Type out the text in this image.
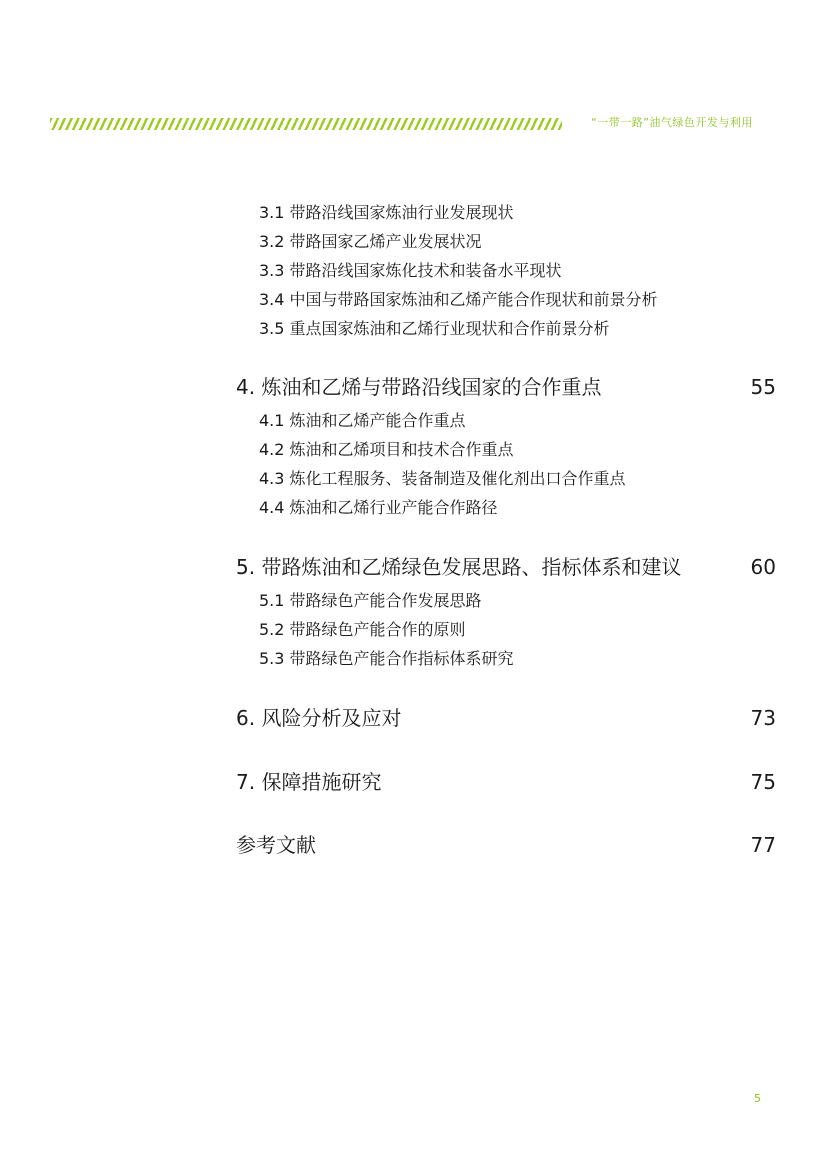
“一带一路”油气绿色开发与利用
3.1 带路沿线国家炼油行业发展现状
3.2 带路国家乙烯产业发展状况
3.3 带路沿线国家炼化技术和装备水平现状
3.4 中国与带路国家炼油和乙烯产能合作现状和前景分析
3.5 重点国家炼油和乙烯行业现状和合作前景分析
4. 炼油和乙烯与带路沿线国家的合作重点	55
4.1 炼油和乙烯产能合作重点
4.2 炼油和乙烯项目和技术合作重点
4.3 炼化工程服务、装备制造及催化剂出口合作重点
4.4 炼油和乙烯行业产能合作路径
5. 带路炼油和乙烯绿色发展思路、指标体系和建议	60
5.1 带路绿色产能合作发展思路
5.2 带路绿色产能合作的原则
5.3 带路绿色产能合作指标体系研究
6. 风险分析及应对	73
7. 保障措施研究	75
参考文献	77
5
